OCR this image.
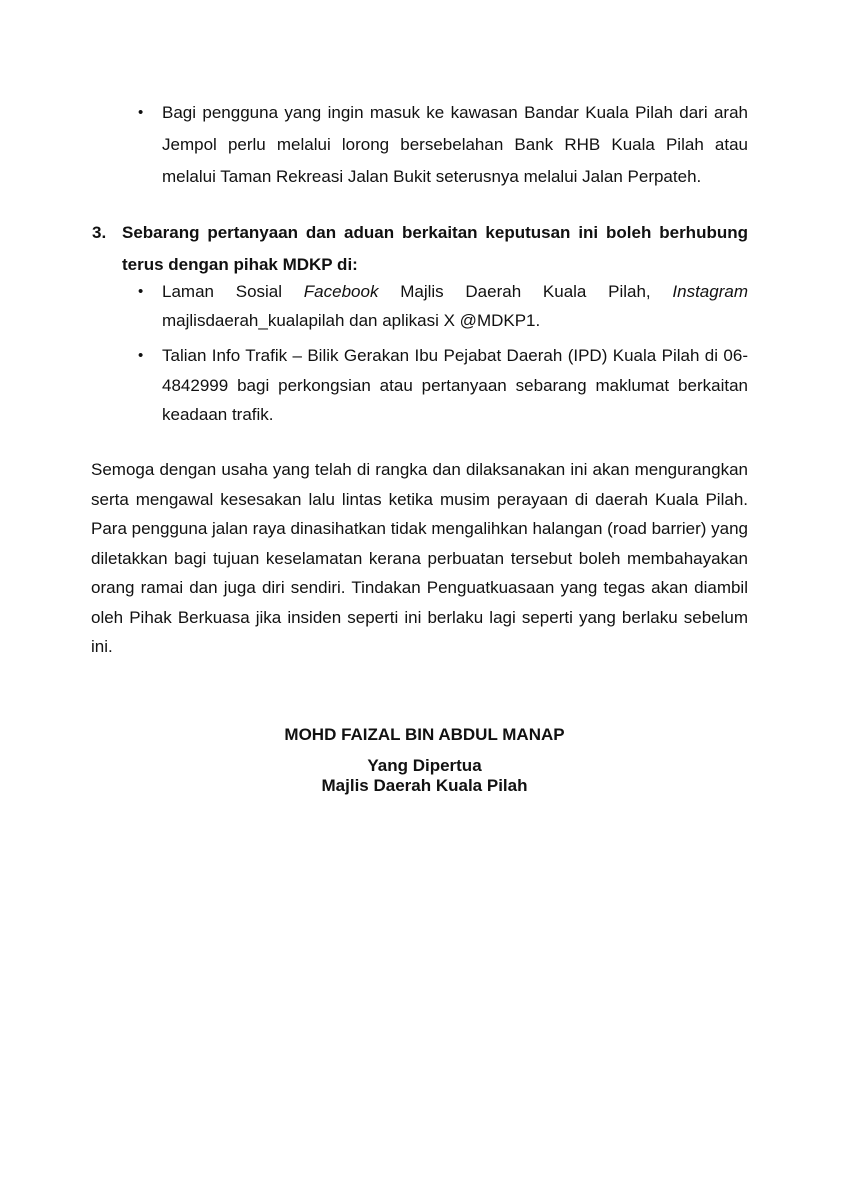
• Bagi pengguna yang ingin masuk ke kawasan Bandar Kuala Pilah dari arah Jempol perlu melalui lorong bersebelahan Bank RHB Kuala Pilah atau melalui Taman Rekreasi Jalan Bukit seterusnya melalui Jalan Perpateh.
3. Sebarang pertanyaan dan aduan berkaitan keputusan ini boleh berhubung terus dengan pihak MDKP di:
• Laman Sosial Facebook Majlis Daerah Kuala Pilah, Instagram majlisdaerah_kualapilah dan aplikasi X @MDKP1.
• Talian Info Trafik – Bilik Gerakan Ibu Pejabat Daerah (IPD) Kuala Pilah di 06-4842999 bagi perkongsian atau pertanyaan sebarang maklumat berkaitan keadaan trafik.
Semoga dengan usaha yang telah di rangka dan dilaksanakan ini akan mengurangkan serta mengawal kesesakan lalu lintas ketika musim perayaan di daerah Kuala Pilah. Para pengguna jalan raya dinasihatkan tidak mengalihkan halangan (road barrier) yang diletakkan bagi tujuan keselamatan kerana perbuatan tersebut boleh membahayakan orang ramai dan juga diri sendiri. Tindakan Penguatkuasaan yang tegas akan diambil oleh Pihak Berkuasa jika insiden seperti ini berlaku lagi seperti yang berlaku sebelum ini.
MOHD FAIZAL BIN ABDUL MANAP
Yang Dipertua
Majlis Daerah Kuala Pilah
